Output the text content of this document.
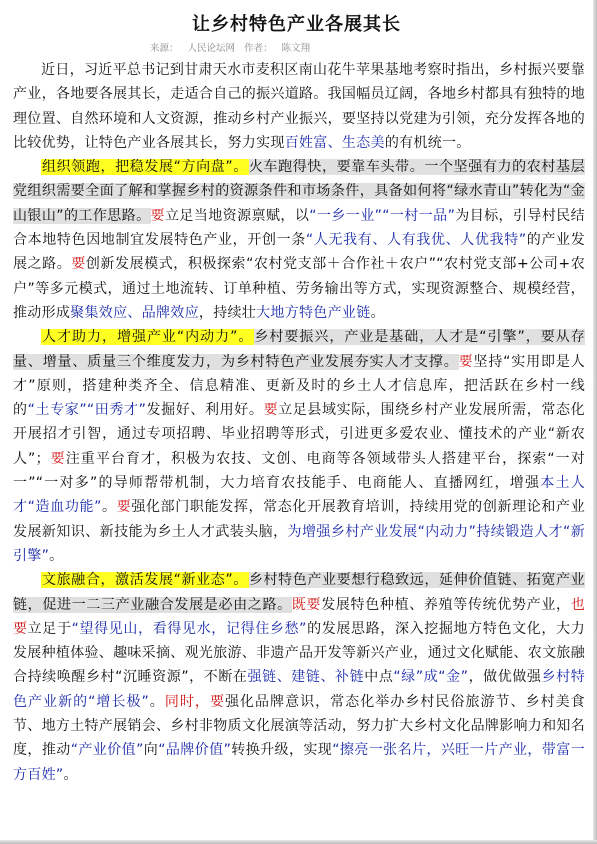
让乡村特色产业各展其长
来源： 人民论坛网 作者： 陈文翔

近日，习近平总书记到甘肃天水市麦积区南山花牛苹果基地考察时指出，乡村振兴要靠产业，各地要各展其长，走适合自己的振兴道路。我国幅员辽阔，各地乡村都具有独特的地理位置、自然环境和人文资源，推动乡村产业振兴，要坚持以党建为引领，充分发挥各地的比较优势，让特色产业各展其长，努力实现百姓富、生态美的有机统一。

组织领跑，把稳发展“方向盘”。火车跑得快，要靠车头带。一个坚强有力的农村基层党组织需要全面了解和掌握乡村的资源条件和市场条件，具备如何将“绿水青山”转化为“金山银山”的工作思路。要立足当地资源禀赋，以“一乡一业”“一村一品”为目标，引导村民结合本地特色因地制宜发展特色产业，开创一条“人无我有、人有我优、人优我特”的产业发展之路。要创新发展模式，积极探索“农村党支部＋合作社＋农户”“农村党支部+公司+农户”等多元模式，通过土地流转、订单种植、劳务输出等方式，实现资源整合、规模经营，推动形成聚集效应、品牌效应，持续壮大地方特色产业链。

人才助力，增强产业“内动力”。乡村要振兴，产业是基础，人才是“引擎”，要从存量、增量、质量三个维度发力，为乡村特色产业发展夯实人才支撑。要坚持“实用即是人才”原则，搭建种类齐全、信息精准、更新及时的乡土人才信息库，把活跃在乡村一线的“土专家”“田秀才”发掘好、利用好。要立足县域实际，围绕乡村产业发展所需，常态化开展招才引智，通过专项招聘、毕业招聘等形式，引进更多爱农业、懂技术的产业“新农人”；要注重平台育才，积极为农技、文创、电商等各领域带头人搭建平台，探索“一对一”“一对多”的导师帮带机制，大力培育农技能手、电商能人、直播网红，增强本土人才“造血功能”。要强化部门职能发挥，常态化开展教育培训，持续用党的创新理论和产业发展新知识、新技能为乡土人才武装头脑，为增强乡村产业发展“内动力”持续锻造人才“新引擎”。

文旅融合，激活发展“新业态”。乡村特色产业要想行稳致远，延伸价值链、拓宽产业链，促进一二三产业融合发展是必由之路。既要发展特色种植、养殖等传统优势产业，也要立足于“望得见山，看得见水，记得住乡愁”的发展思路，深入挖掘地方特色文化，大力发展种植体验、趣味采摘、观光旅游、非遗产品开发等新兴产业，通过文化赋能、农文旅融合持续唤醒乡村“沉睡资源”，不断在强链、建链、补链中点“绿”成“金”，做优做强乡村特色产业新的“增长极”。同时，要强化品牌意识，常态化举办乡村民俗旅游节、乡村美食节、地方土特产展销会、乡村非物质文化展演等活动，努力扩大乡村文化品牌影响力和知名度，推动“产业价值”向“品牌价值”转换升级，实现“擦亮一张名片，兴旺一片产业，带富一方百姓”。
